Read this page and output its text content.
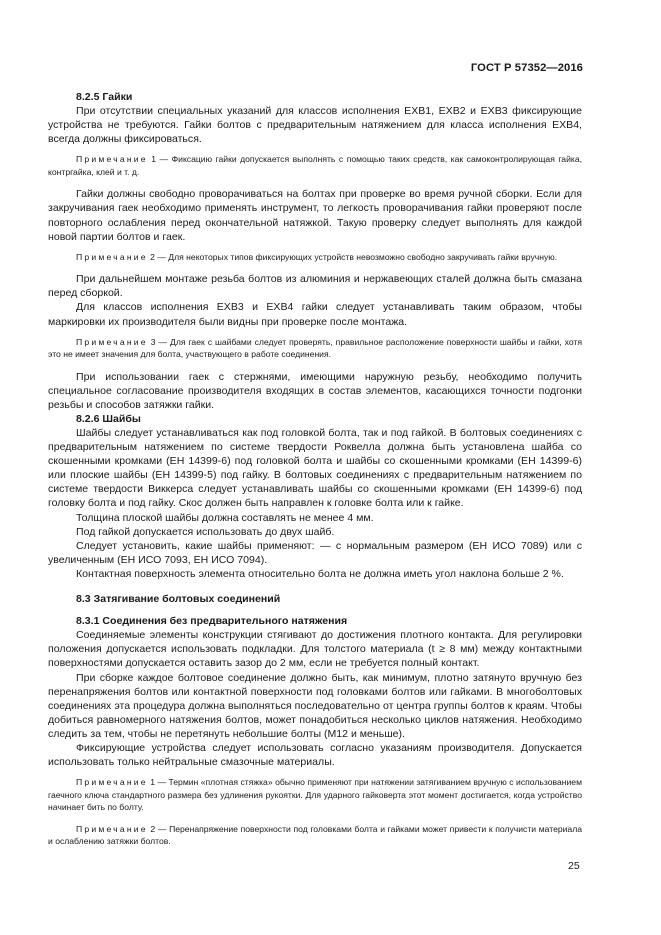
ГОСТ Р 57352—2016

8.2.5 Гайки

При отсутствии специальных указаний для классов исполнения EXB1, EXB2 и EXB3 фиксирующие устройства не требуются. Гайки болтов с предварительным натяжением для класса исполнения EXB4, всегда должны фиксироваться.

Примечание 1 — Фиксацию гайки допускается выполнять с помощью таких средств, как самоконтролирующая гайка, контргайка, клей и т. д.

Гайки должны свободно проворачиваться на болтах при проверке во время ручной сборки. Если для закручивания гаек необходимо применять инструмент, то легкость проворачивания гайки проверяют после повторного ослабления перед окончательной натяжкой. Такую проверку следует выполнять для каждой новой партии болтов и гаек.

Примечание 2 — Для некоторых типов фиксирующих устройств невозможно свободно закручивать гайки вручную.

При дальнейшем монтаже резьба болтов из алюминия и нержавеющих сталей должна быть смазана перед сборкой.

Для классов исполнения EXB3 и EXB4 гайки следует устанавливать таким образом, чтобы маркировки их производителя были видны при проверке после монтажа.

Примечание 3 — Для гаек с шайбами следует проверять, правильное расположение поверхности шайбы и гайки, хотя это не имеет значения для болта, участвующего в работе соединения.

При использовании гаек с стержнями, имеющими наружную резьбу, необходимо получить специальное согласование производителя входящих в состав элементов, касающихся точности подгонки резьбы и способов затяжки гайки.

8.2.6 Шайбы

Шайбы следует устанавливаться как под головкой болта, так и под гайкой. В болтовых соединениях с предварительным натяжением по системе твердости Роквелла должна быть установлена шайба со скошенными кромками (ЕН 14399-6) под головкой болта и шайбы со скошенными кромками (ЕН 14399-6) или плоские шайбы (ЕН 14399-5) под гайку. В болтовых соединениях с предварительным натяжением по системе твердости Виккерса следует устанавливать шайбы со скошенными кромками (ЕН 14399-6) под головку болта и под гайку. Скос должен быть направлен к головке болта или к гайке.

Толщина плоской шайбы должна составлять не менее 4 мм.

Под гайкой допускается использовать до двух шайб.

Следует установить, какие шайбы применяют: — с нормальным размером (ЕН ИСО 7089) или с увеличенным (ЕН ИСО 7093, ЕН ИСО 7094).

Контактная поверхность элемента относительно болта не должна иметь угол наклона больше 2 %.

8.3 Затягивание болтовых соединений

8.3.1 Соединения без предварительного натяжения

Соединяемые элементы конструкции стягивают до достижения плотного контакта. Для регулировки положения допускается использовать подкладки. Для толстого материала (t ≥ 8 мм) между контактными поверхностями допускается оставить зазор до 2 мм, если не требуется полный контакт.

При сборке каждое болтовое соединение должно быть, как минимум, плотно затянуто вручную без перенапряжения болтов или контактной поверхности под головками болтов или гайками. В многоболтовых соединениях эта процедура должна выполняться последовательно от центра группы болтов к краям. Чтобы добиться равномерного натяжения болтов, может понадобиться несколько циклов натяжения. Необходимо следить за тем, чтобы не перетянуть небольшие болты (М12 и меньше).

Фиксирующие устройства следует использовать согласно указаниям производителя. Допускается использовать только нейтральные смазочные материалы.

Примечание 1 — Термин «плотная стяжка» обычно применяют при натяжении затягиванием вручную с использованием гаечного ключа стандартного размера без удлинения рукоятки. Для ударного гайковерта этот момент достигается, когда устройство начинает бить по болту.

Примечание 2 — Перенапряжение поверхности под головками болта и гайками может привести к получисти материала и ослаблению затяжки болтов.

25
